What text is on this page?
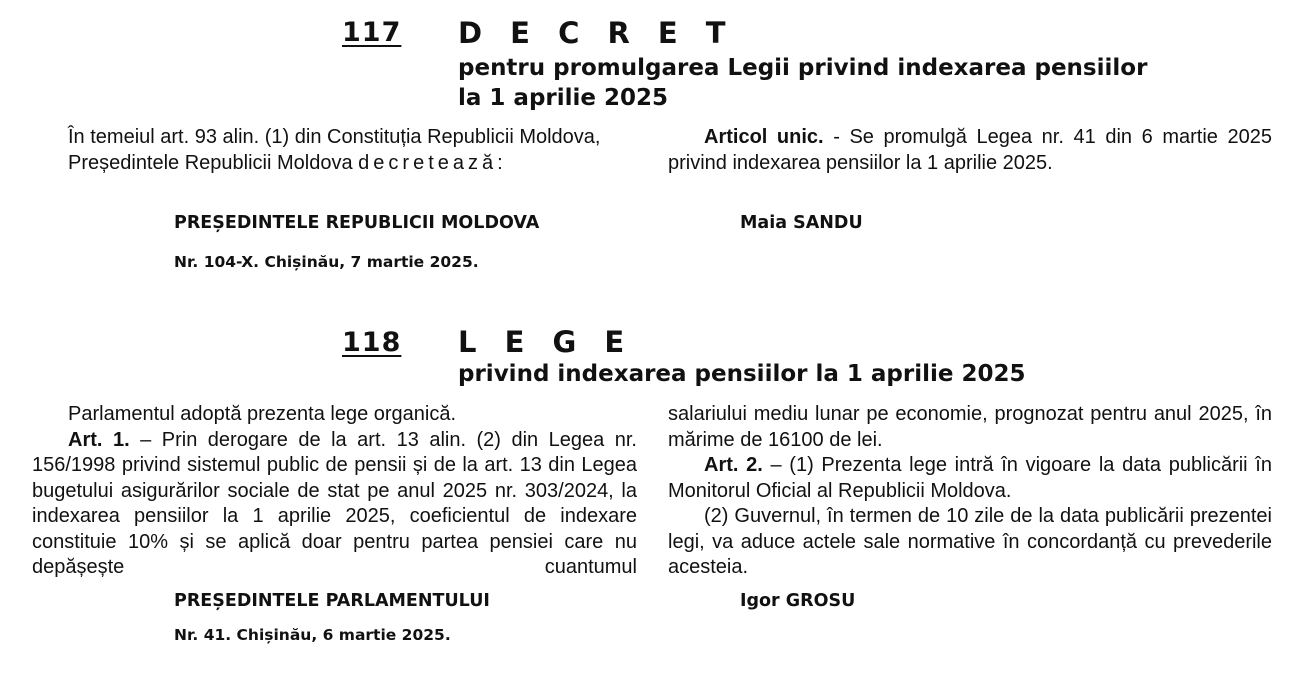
117 D E C R E T
pentru promulgarea Legii privind indexarea pensiilor
la 1 aprilie 2025

În temeiul art. 93 alin. (1) din Constituția Republicii Moldova,

Președintele Republicii Moldova decretează:

Articol unic. - Se promulgă Legea nr. 41 din 6 martie 2025 privind indexarea pensiilor la 1 aprilie 2025.

PREȘEDINTELE REPUBLICII MOLDOVA	Maia SANDU
Nr. 104-X. Chișinău, 7 martie 2025.
118 L E G E
privind indexarea pensiilor la 1 aprilie 2025

Parlamentul adoptă prezenta lege organică.

Art. 1. – Prin derogare de la art. 13 alin. (2) din Legea nr. 156/1998 privind sistemul public de pensii și de la art. 13 din Legea bugetului asigurărilor sociale de stat pe anul 2025 nr. 303/2024, la indexarea pensiilor la 1 aprilie 2025, coeficientul de indexare constituie 10% și se aplică doar pentru partea pensiei care nu depășește cuantumul

salariului mediu lunar pe economie, prognozat pentru anul 2025, în mărime de 16100 de lei.

Art. 2. – (1) Prezenta lege intră în vigoare la data publicării în Monitorul Oficial al Republicii Moldova.

(2) Guvernul, în termen de 10 zile de la data publicării prezentei legi, va aduce actele sale normative în concordanță cu prevederile acesteia.

PREȘEDINTELE PARLAMENTULUI	Igor GROSU
Nr. 41. Chișinău, 6 martie 2025.
